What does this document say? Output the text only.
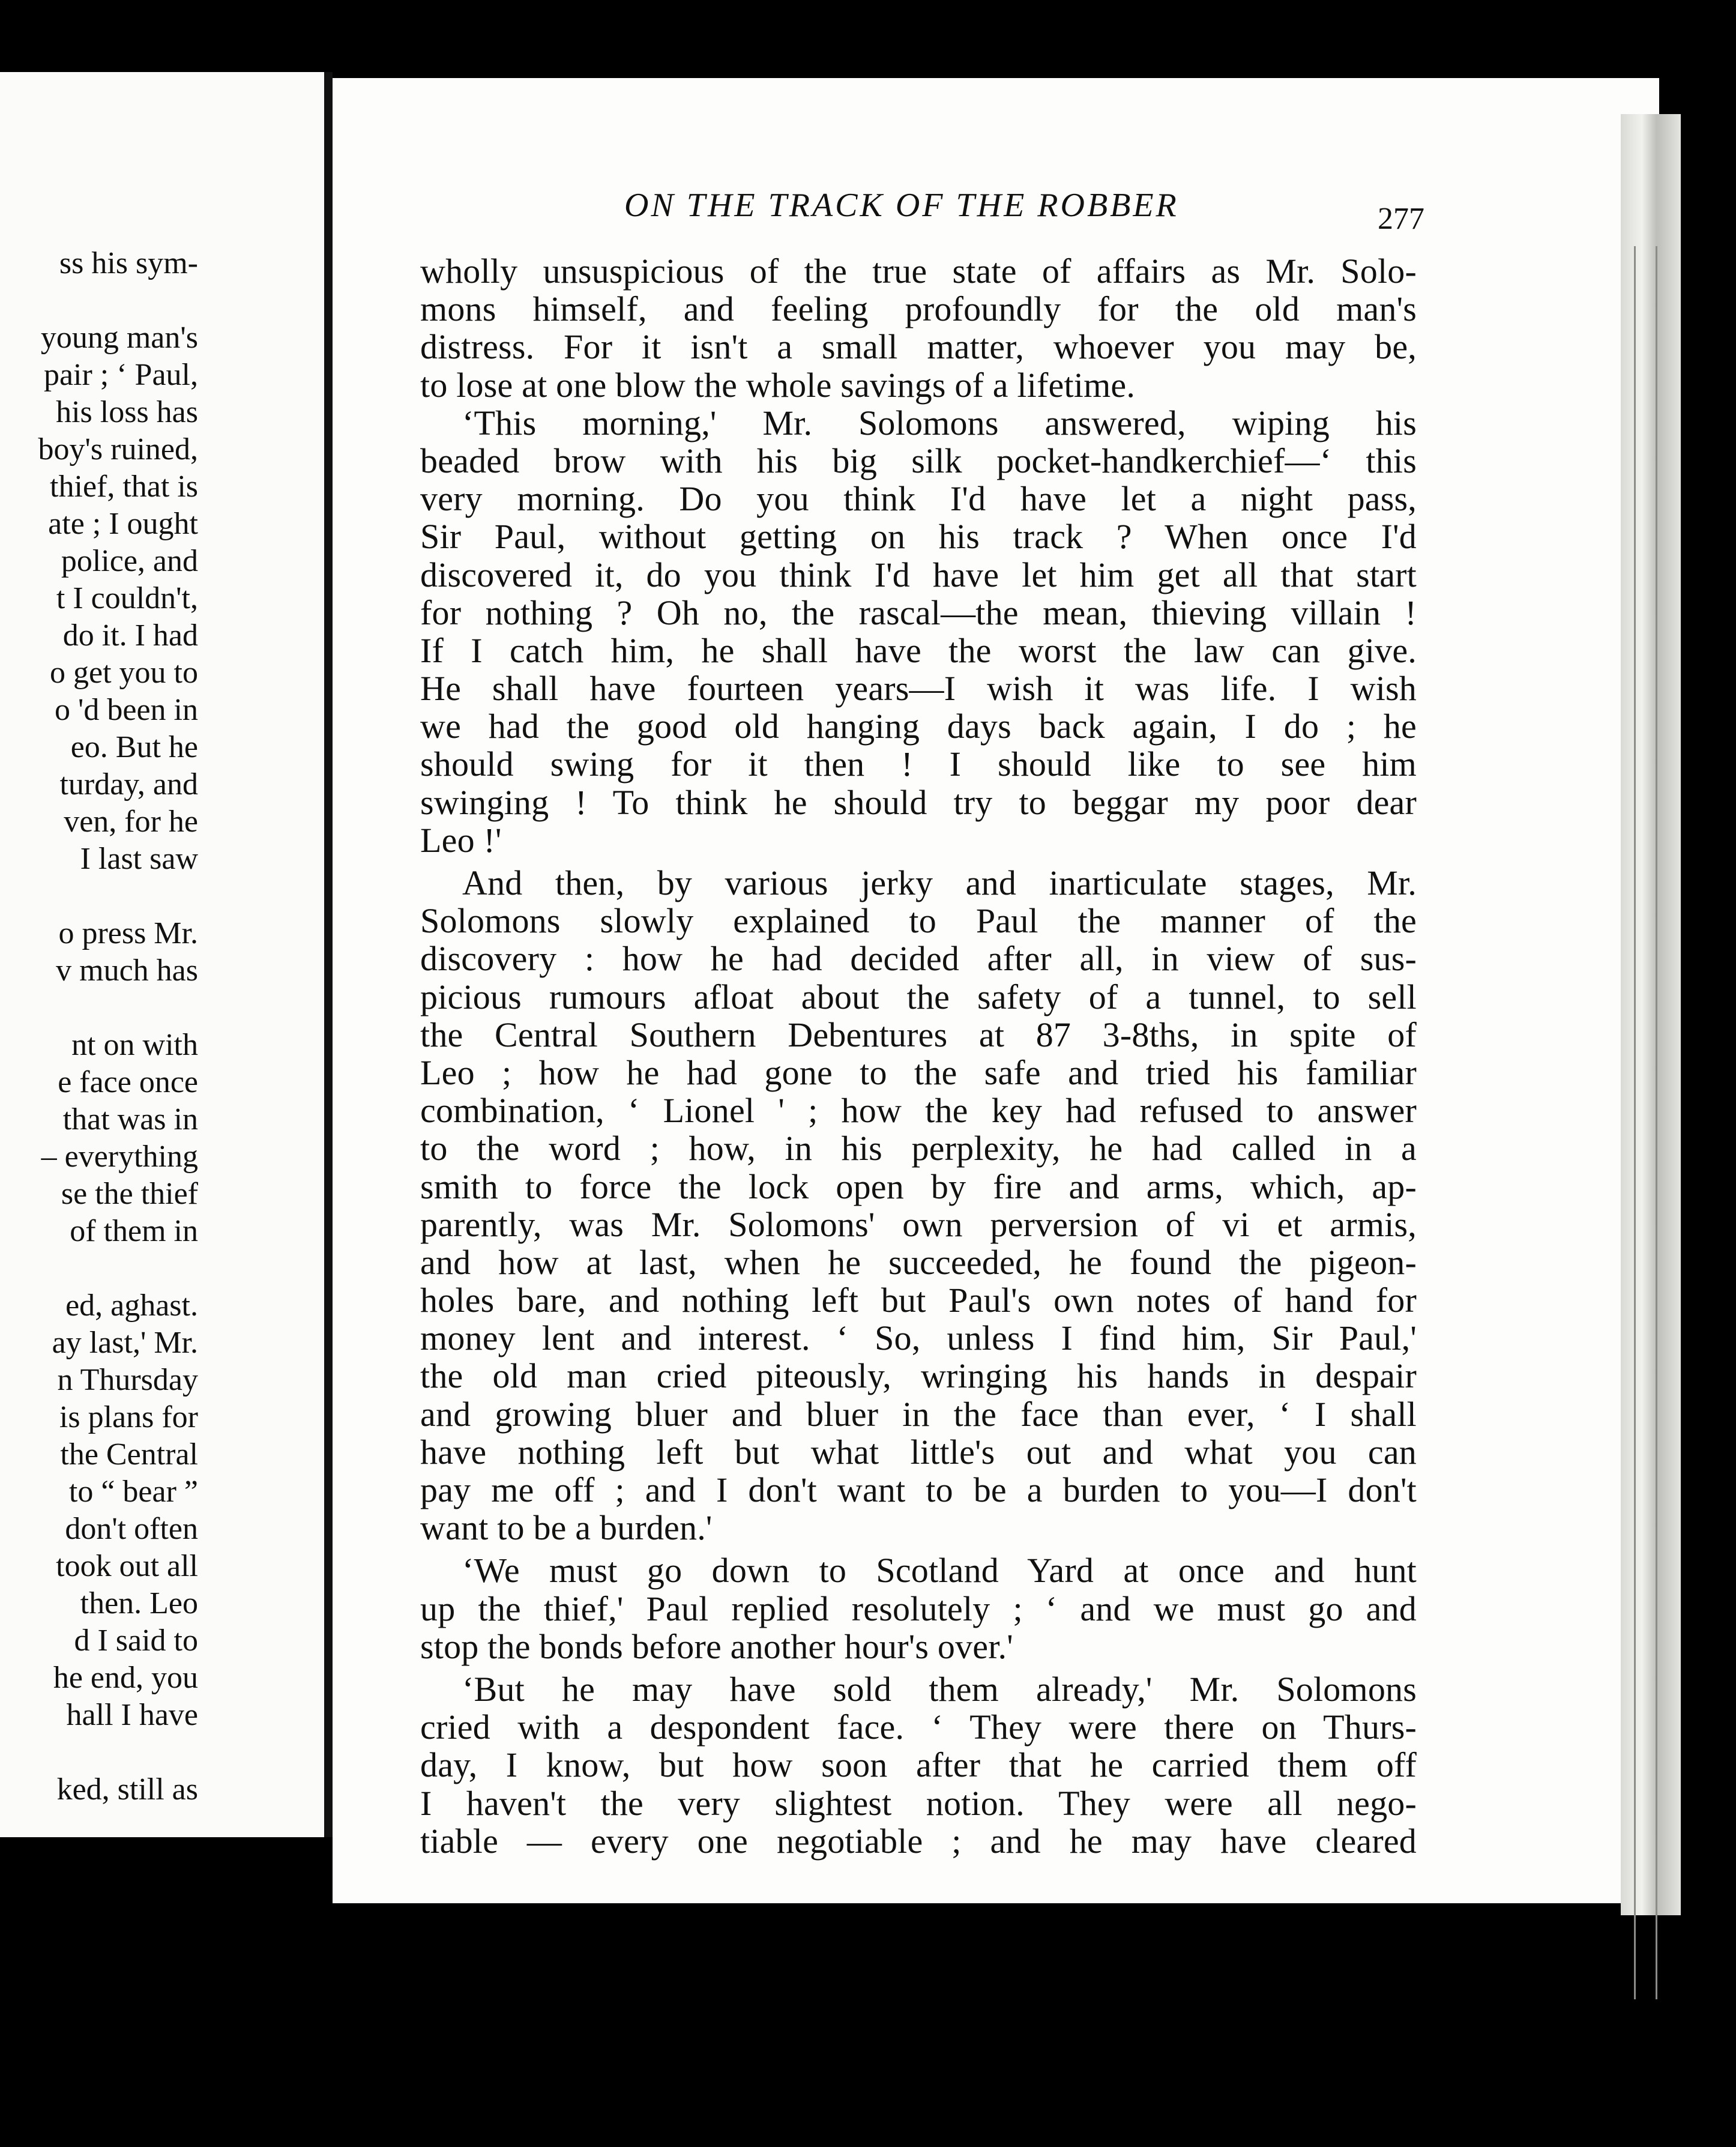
ss his sym-
young man's
pair ; ‘ Paul,
his loss has
boy's ruined,
thief, that is
ate ; I ought
police, and
t I couldn't,
do it. I had
o get you to
o 'd been in
eo. But he
turday, and
ven, for he
I last saw
o press Mr.
v much has
nt on with
e face once
that was in
– everything
se the thief
of them in
ed, aghast.
ay last,' Mr.
n Thursday
is plans for
the Central
to “ bear ”
don't often
took out all
then. Leo
d I said to
he end, you
hall I have
ked, still as
ON THE TRACK OF THE ROBBER	277
wholly unsuspicious of the true state of affairs as Mr. Solo-
mons himself, and feeling profoundly for the old man's
distress. For it isn't a small matter, whoever you may be,
to lose at one blow the whole savings of a lifetime.
‘This morning,' Mr. Solomons answered, wiping his
beaded brow with his big silk pocket-handkerchief—‘ this
very morning. Do you think I'd have let a night pass,
Sir Paul, without getting on his track ? When once I'd
discovered it, do you think I'd have let him get all that start
for nothing ? Oh no, the rascal—the mean, thieving villain !
If I catch him, he shall have the worst the law can give.
He shall have fourteen years—I wish it was life. I wish
we had the good old hanging days back again, I do ; he
should swing for it then ! I should like to see him
swinging ! To think he should try to beggar my poor dear
Leo !'
And then, by various jerky and inarticulate stages, Mr.
Solomons slowly explained to Paul the manner of the
discovery : how he had decided after all, in view of sus-
picious rumours afloat about the safety of a tunnel, to sell
the Central Southern Debentures at 87 3-8ths, in spite of
Leo ; how he had gone to the safe and tried his familiar
combination, ‘ Lionel ' ; how the key had refused to answer
to the word ; how, in his perplexity, he had called in a
smith to force the lock open by fire and arms, which, ap-
parently, was Mr. Solomons' own perversion of vi et armis,
and how at last, when he succeeded, he found the pigeon-
holes bare, and nothing left but Paul's own notes of hand for
money lent and interest. ‘ So, unless I find him, Sir Paul,'
the old man cried piteously, wringing his hands in despair
and growing bluer and bluer in the face than ever, ‘ I shall
have nothing left but what little's out and what you can
pay me off ; and I don't want to be a burden to you—I don't
want to be a burden.'
‘We must go down to Scotland Yard at once and hunt
up the thief,' Paul replied resolutely ; ‘ and we must go and
stop the bonds before another hour's over.'
‘But he may have sold them already,' Mr. Solomons
cried with a despondent face. ‘ They were there on Thurs-
day, I know, but how soon after that he carried them off
I haven't the very slightest notion. They were all nego-
tiable — every one negotiable ; and he may have cleared
